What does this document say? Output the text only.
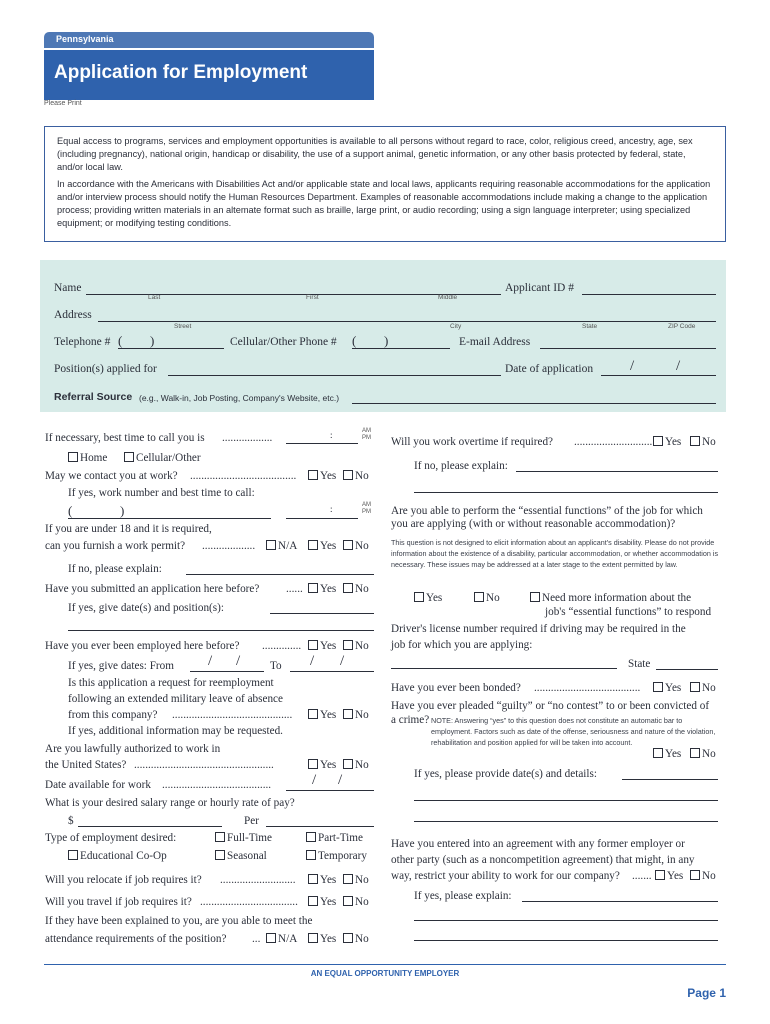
Pennsylvania
Application for Employment
Please Print

Equal access to programs, services and employment opportunities is available to all persons without regard to race, color, religious creed, ancestry, age, sex (including pregnancy), national origin, handicap or disability, the use of a support animal, genetic information, or any other basis protected by federal, state, and/or local law.

In accordance with the Americans with Disabilities Act and/or applicable state and local laws, applicants requiring reasonable accommodations for the application and/or interview process should notify the Human Resources Department. Examples of reasonable accommodations include making a change to the application process; providing written materials in an altemate format such as braille, large print, or audio recording; using a sign language interpreter; using specialized equipment; or modifying testing conditions.

Name
Last	First	Middle
Applicant ID #
Address
Street	City	State	ZIP Code
Telephone # ( )	Cellular/Other Phone # ( )	E-mail Address
Position(s) applied for	Date of application /	/
Referral Source (e.g., Walk-in, Job Posting, Company's Website, etc.)
If necessary, best time to call you is ..................	:	AM
PM
Home	Cellular/Other
May we contact you at work? ......................................	Yes	No
If yes, work number and best time to call:
(	)	:	AM
PM
If you are under 18 and it is required,
can you furnish a work permit? ...................	N/A	Yes	No
If no, please explain:
Have you submitted an application here before? ......	Yes	No
If yes, give date(s) and position(s):
Have you ever been employed here before? ..............	Yes	No
If yes, give dates: From / /	To / /
Is this application a request for reemployment
following an extended military leave of absence
from this company? ...........................................	Yes	No
If yes, additional information may be requested.
Are you lawfully authorized to work in
the United States? ..................................................	Yes	No
Date available for work .......................................	/ /
What is your desired salary range or hourly rate of pay?
$	Per
Type of employment desired:	Full-Time	Part-Time
Educational Co-Op	Seasonal	Temporary
Will you relocate if job requires it? ...........................	Yes	No
Will you travel if job requires it? ...................................	Yes	No
If they have been explained to you, are you able to meet the
attendance requirements of the position? ...	N/A	Yes	No
Will you work overtime if required? ............................	Yes	No
If no, please explain:
Are you able to perform the “essential functions” of the job for which
you are applying (with or without reasonable accommodation)?
This question is not designed to elicit information about an applicant's disability. Please do not provide information about the existence of a disability, particular accommodation, or whether accommodation is necessary. These issues may be addressed at a later stage to the extent permitted by law.
Yes	No	Need more information about the
job's “essential functions” to respond
Driver's license number required if driving may be required in the
job for which you are applying:
State
Have you ever been bonded? ......................................	Yes	No
Have you ever pleaded “guilty” or “no contest” to or been convicted of
a crime? NOTE: Answering “yes” to this question does not constitute an automatic bar to employment. Factors such as date of the offense, seriousness and nature of the violation, rehabilitation and position applied for will be taken into account.
Yes	No
If yes, please provide date(s) and details:
Have you entered into an agreement with any former employer or
other party (such as a noncompetition agreement) that might, in any
way, restrict your ability to work for our company? .......	Yes	No
If yes, please explain:
AN EQUAL OPPORTUNITY EMPLOYER
Page 1
